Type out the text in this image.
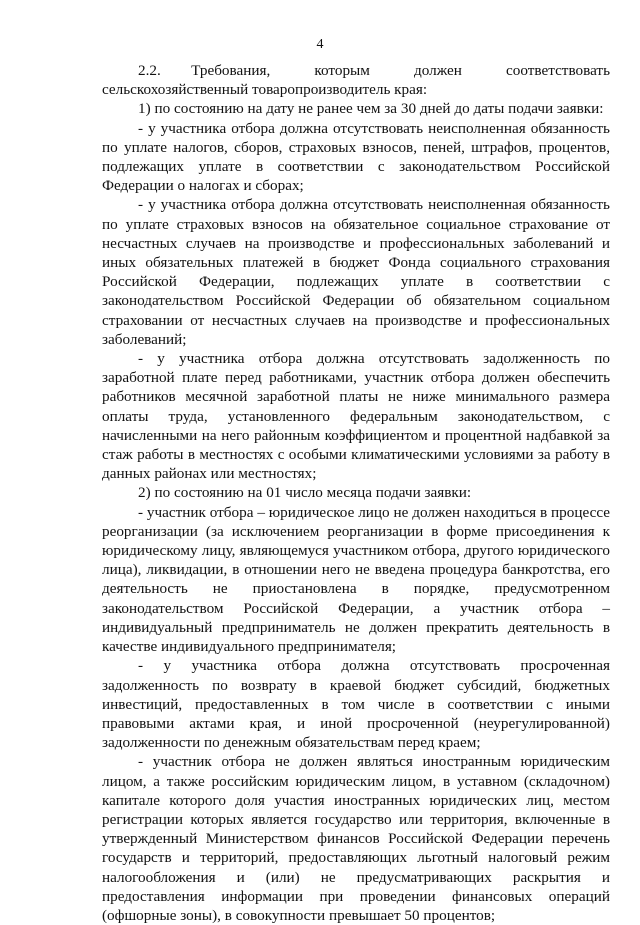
4

2.2.  Требования, которым должен соответствовать сельскохозяйственный товаропроизводитель края:

1) по состоянию на дату не ранее чем за 30 дней до даты подачи заявки:

- у участника отбора должна отсутствовать неисполненная обязанность по уплате налогов, сборов, страховых взносов, пеней, штрафов, процентов, подлежащих уплате в соответствии с законодательством Российской Федерации о налогах и сборах;

- у участника отбора должна отсутствовать неисполненная обязанность по уплате страховых взносов на обязательное социальное страхование от несчастных случаев на производстве и профессиональных заболеваний и иных обязательных платежей в бюджет Фонда социального страхования Российской Федерации, подлежащих уплате в соответствии с законодательством Российской Федерации об обязательном социальном страховании от несчастных случаев на производстве и профессиональных заболеваний;

- у участника отбора должна отсутствовать задолженность по заработной плате перед работниками, участник отбора должен обеспечить работников месячной заработной платы не ниже минимального размера оплаты труда, установленного федеральным законодательством, с начисленными на него районным коэффициентом и процентной надбавкой за стаж работы в местностях с особыми климатическими условиями за работу в данных районах или местностях;

2) по состоянию на 01 число месяца подачи заявки:

- участник отбора – юридическое лицо не должен находиться в процессе реорганизации (за исключением реорганизации в форме присоединения к юридическому лицу, являющемуся участником отбора, другого юридического лица), ликвидации, в отношении него не введена процедура банкротства, его деятельность не приостановлена в порядке, предусмотренном законодательством Российской Федерации, а участник отбора – индивидуальный предприниматель не должен прекратить деятельность в качестве индивидуального предпринимателя;

- у участника отбора должна отсутствовать просроченная задолженность по возврату в краевой бюджет субсидий, бюджетных инвестиций, предоставленных в том числе в соответствии с иными правовыми актами края, и иной просроченной (неурегулированной) задолженности по денежным обязательствам перед краем;

- участник отбора не должен являться иностранным юридическим лицом, а также российским юридическим лицом, в уставном (складочном) капитале которого доля участия иностранных юридических лиц, местом регистрации которых является государство или территория, включенные в утвержденный Министерством финансов Российской Федерации перечень государств и территорий, предоставляющих льготный налоговый режим налогообложения и (или) не предусматривающих раскрытия и предоставления информации при проведении финансовых операций (офшорные зоны), в совокупности превышает 50 процентов;
